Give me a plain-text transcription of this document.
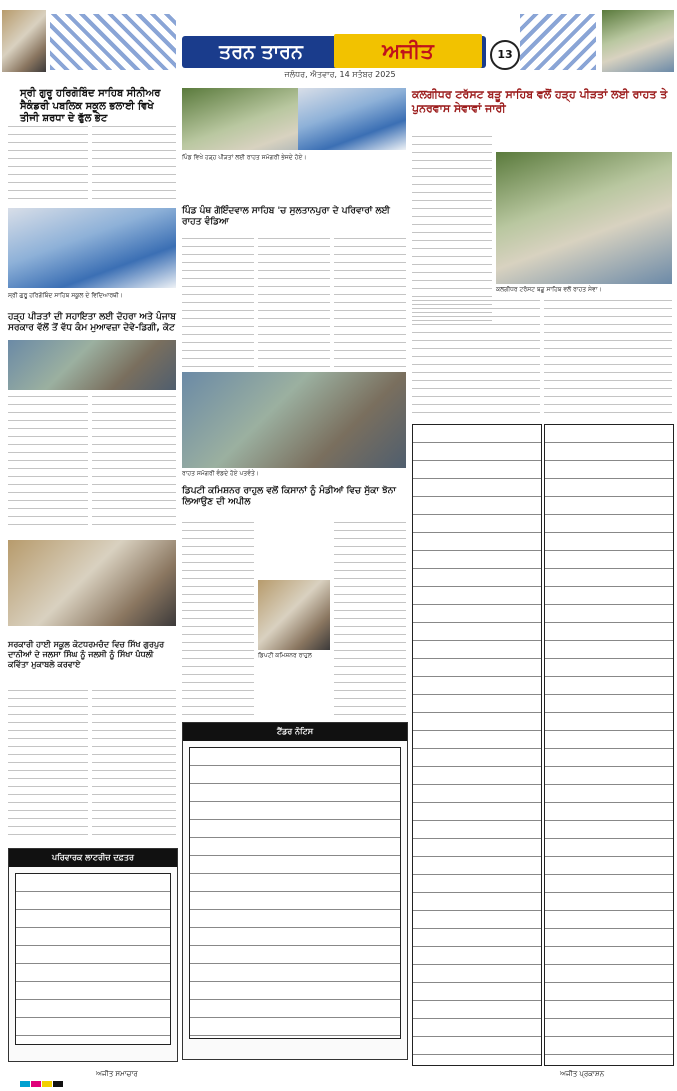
ਤਰਨ ਤਾਰਨ	ਅਜੀਤ
ਜਲੰਧਰ, ਐਤਵਾਰ, 14 ਸਤੰਬਰ 2025
13
ਸ੍ਰੀ ਗੁਰੂ ਹਰਿਗੋਬਿੰਦ ਸਾਹਿਬ ਸੀਨੀਅਰ ਸੈਕੰਡਰੀ ਪਬਲਿਕ ਸਕੂਲ ਭਲਾਈ ਵਿਖੇ ਤੀਜੀ ਸ਼ਰਧਾ ਦੇ ਫੁੱਲ ਭੇਟ
ਸ੍ਰੀ ਗੁਰੂ ਹਰਿਗੋਬਿੰਦ ਸਾਹਿਬ ਸਕੂਲ ਦੇ ਵਿਦਿਆਰਥੀ।
ਹੜ੍ਹ ਪੀੜਤਾਂ ਦੀ ਸਹਾਇਤਾ ਲਈ ਦੋਹਰਾ ਅਤੇ ਪੰਜਾਬ ਸਰਕਾਰ ਵੱਲੋਂ ਤੋਂ ਵੱਧ ਕੰਮ ਮੁਆਵਜ਼ਾ ਦੇਵੇ-ਡਿਗੀ, ਕੋਟ
ਸਰਕਾਰੀ ਹਾਈ ਸਕੂਲ ਕੋਟਧਰਮਚੰਦ ਵਿਚ ਸਿੱਖ ਗੁਰਪੁਰ ਦਾਨੀਆਂ ਦੇ ਜਲਸਾ ਸਿੰਘ ਨੂੰ ਜਲਸੀ ਨੂੰ ਸਿੱਖਾ ਪੰਧਲੀ ਕਵਿੱਤਾ ਮੁਕਾਬਲੇ ਕਰਵਾਏ
ਪਰਿਵਾਰਕ ਲਾਟਰੀਜ਼ ਦਫ਼ਤਰ
ਪਿੰਡ ਵਿਖੇ ਹੜ੍ਹ ਪੀੜਤਾਂ ਲਈ ਰਾਹਤ ਸਮੱਗਰੀ ਭੇਜਦੇ ਹੋਏ।
ਪਿੰਡ ਪੰਥ ਗੋਇੰਦਵਾਲ ਸਾਹਿਬ 'ਚ ਸੁਲਤਾਨਪੁਰਾ ਦੇ ਪਰਿਵਾਰਾਂ ਲਈ ਰਾਹਤ ਵੰਡਿਆ
ਰਾਹਤ ਸਮੱਗਰੀ ਵੰਡਦੇ ਹੋਏ ਪਤਵੰਤੇ।
ਡਿਪਟੀ ਕਮਿਸ਼ਨਰ ਰਾਹੁਲ ਵਲੋਂ ਕਿਸਾਨਾਂ ਨੂੰ ਮੰਡੀਆਂ ਵਿਚ ਸੁੱਕਾ ਝੋਨਾ ਲਿਆਉਣ ਦੀ ਅਪੀਲ
ਡਿਪਟੀ ਕਮਿਸ਼ਨਰ ਰਾਹੁਲ
ਟੈਂਡਰ ਨੋਟਿਸ
ਕਲਗੀਧਰ ਟਰੱਸਟ ਬੜੂ ਸਾਹਿਬ ਵਲੋਂ ਹੜ੍ਹ ਪੀੜਤਾਂ ਲਈ ਰਾਹਤ ਤੇ ਪੁਨਰਵਾਸ ਸੇਵਾਵਾਂ ਜਾਰੀ
ਕਲਗੀਧਰ ਟਰੱਸਟ ਬੜੂ ਸਾਹਿਬ ਵਲੋਂ ਰਾਹਤ ਸੇਵਾ।
ਅਜੀਤ ਸਮਾਚਾਰ	ਅਜੀਤ ਪ੍ਰਕਾਸ਼ਨ
